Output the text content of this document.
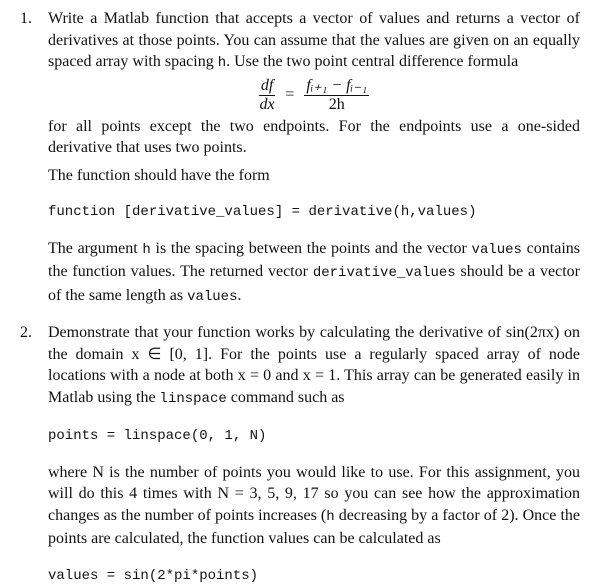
1. Write a Matlab function that accepts a vector of values and returns a vector of derivatives at those points. You can assume that the values are given on an equally spaced array with spacing h. Use the two point central difference formula

$\frac{df}{dx} = \frac{\text{fᵢ₊₁ − fᵢ₋₁}}{2h}$

for all points except the two endpoints. For the endpoints use a one-sided derivative that uses two points.

The function should have the form

function [derivative_values] = derivative(h,values)

The argument h is the spacing between the points and the vector values contains the function values. The returned vector derivative_values should be a vector of the same length as values.

2. Demonstrate that your function works by calculating the derivative of sin(2πx) on the domain x ∈ [0, 1]. For the points use a regularly spaced array of node locations with a node at both x = 0 and x = 1. This array can be generated easily in Matlab using the linspace command such as

points = linspace(0, 1, N)

where N is the number of points you would like to use. For this assignment, you will do this 4 times with N = 3, 5, 9, 17 so you can see how the approximation changes as the number of points increases (h decreasing by a factor of 2). Once the points are calculated, the function values can be calculated as

values = sin(2*pi*points)
